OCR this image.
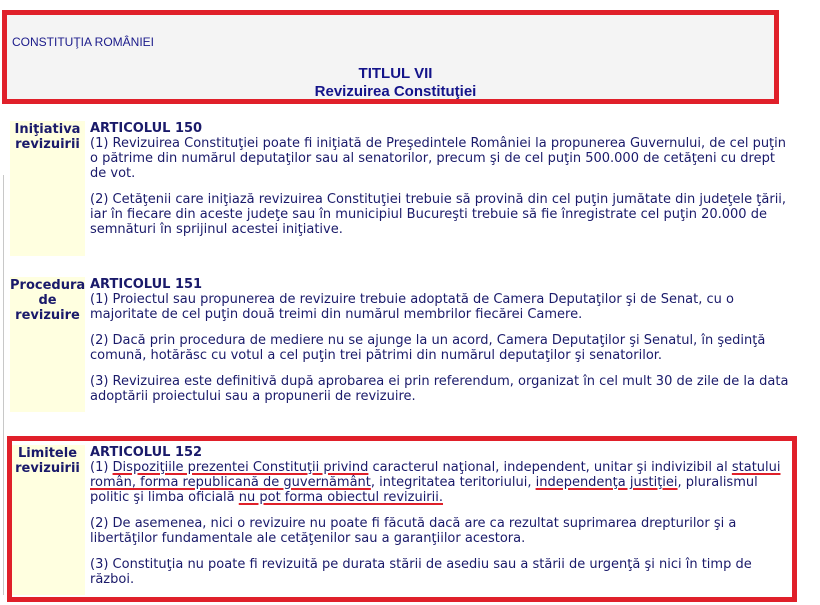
CONSTITUŢIA ROMÂNIEI
TITLUL VII
Revizuirea Constituţiei
Iniţiativa
revizuirii
ARTICOLUL 150

(1) Revizuirea Constituţiei poate fi iniţiată de Preşedintele României la propunerea Guvernului, de cel puţin o pătrime din numărul deputaţilor sau al senatorilor, precum şi de cel puţin 500.000 de cetăţeni cu drept de vot.

(2) Cetăţenii care iniţiază revizuirea Constituţiei trebuie să provină din cel puţin jumătate din judeţele ţării, iar în fiecare din aceste judeţe sau în municipiul Bucureşti trebuie să fie înregistrate cel puţin 20.000 de semnături în sprijinul acestei iniţiative.

Procedura
de
revizuire
ARTICOLUL 151

(1) Proiectul sau propunerea de revizuire trebuie adoptată de Camera Deputaţilor şi de Senat, cu o majoritate de cel puţin două treimi din numărul membrilor fiecărei Camere.

(2) Dacă prin procedura de mediere nu se ajunge la un acord, Camera Deputaţilor şi Senatul, în şedinţă comună, hotărăsc cu votul a cel puţin trei pătrimi din numărul deputaţilor şi senatorilor.

(3) Revizuirea este definitivă după aprobarea ei prin referendum, organizat în cel mult 30 de zile de la data adoptării proiectului sau a propunerii de revizuire.

Limitele
revizuirii
ARTICOLUL 152

(1) Dispoziţiile prezentei Constituţii privind caracterul naţional, independent, unitar şi indivizibil al statului român, forma republicană de guvernământ, integritatea teritoriului, independenţa justiţiei, pluralismul politic şi limba oficială nu pot forma obiectul revizuirii.

(2) De asemenea, nici o revizuire nu poate fi făcută dacă are ca rezultat suprimarea drepturilor şi a libertăţilor fundamentale ale cetăţenilor sau a garanţiilor acestora.

(3) Constituţia nu poate fi revizuită pe durata stării de asediu sau a stării de urgenţă şi nici în timp de război.
